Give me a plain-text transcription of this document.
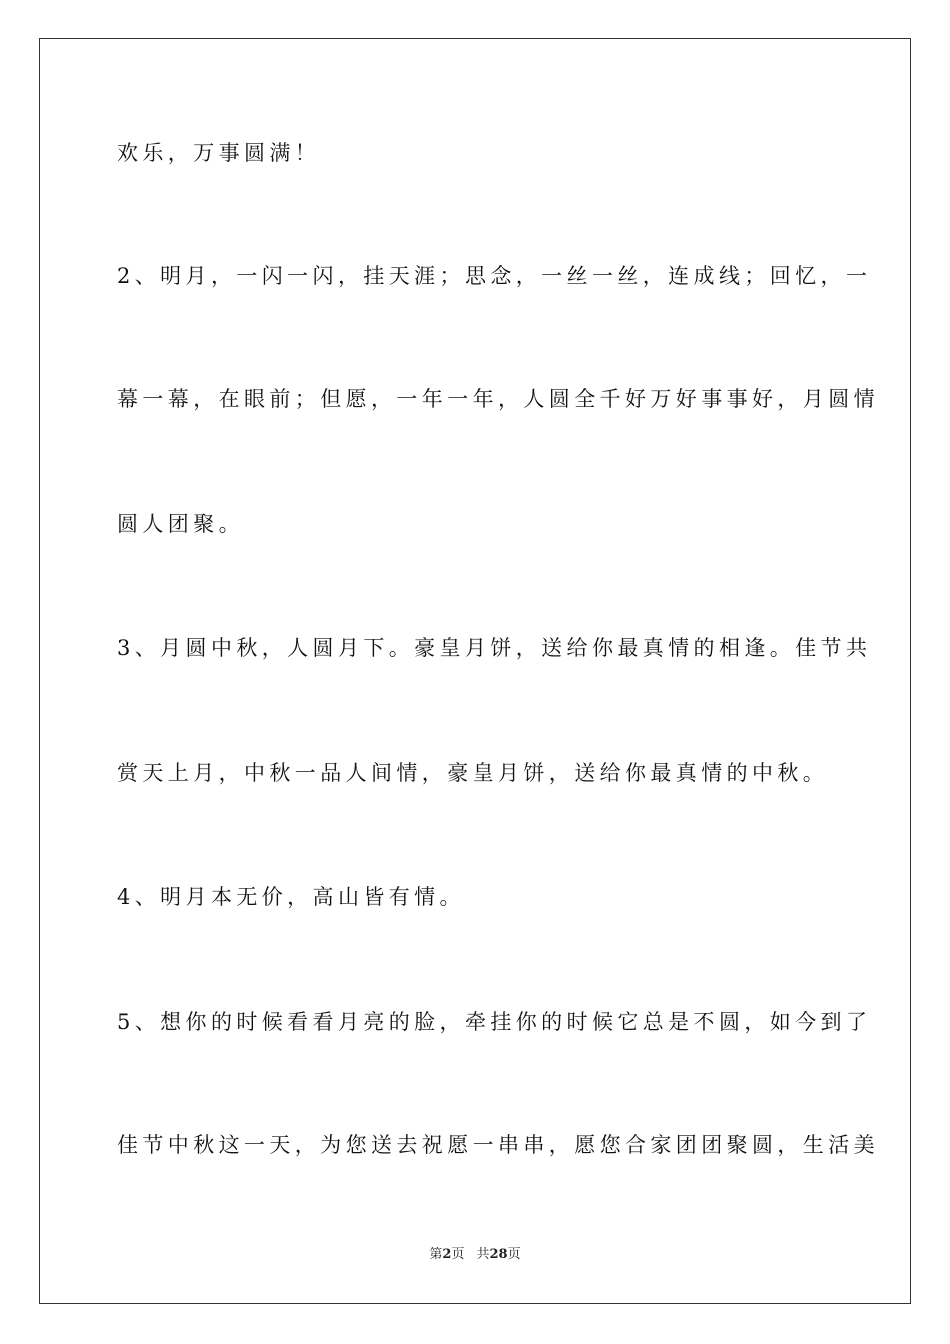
欢乐，万事圆满！
2、明月，一闪一闪，挂天涯；思念，一丝一丝，连成线；回忆，一
幕一幕，在眼前；但愿，一年一年，人圆全千好万好事事好，月圆情
圆人团聚。
3、月圆中秋，人圆月下。豪皇月饼，送给你最真情的相逢。佳节共
赏天上月，中秋一品人间情，豪皇月饼，送给你最真情的中秋。
4、明月本无价，高山皆有情。
5、想你的时候看看月亮的脸，牵挂你的时候它总是不圆，如今到了
佳节中秋这一天，为您送去祝愿一串串，愿您合家团团聚圆，生活美
第2页 共28页
